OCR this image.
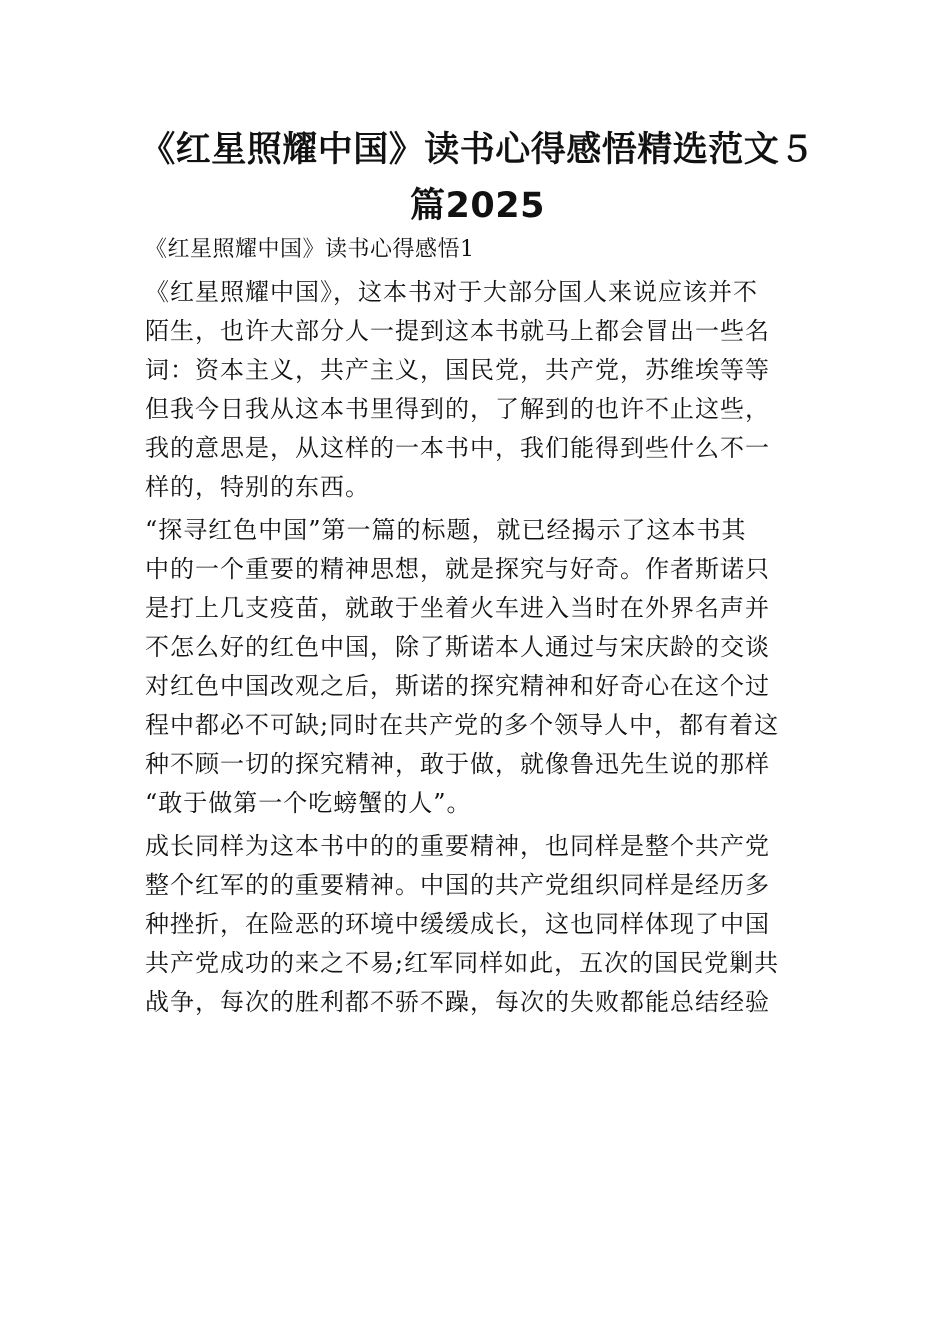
《红星照耀中国》读书心得感悟精选范文５
篇2025

《红星照耀中国》读书心得感悟1

《红星照耀中国》，这本书对于大部分国人来说应该并不
陌生，也许大部分人一提到这本书就马上都会冒出一些名
词：资本主义，共产主义，国民党，共产党，苏维埃等等
但我今日我从这本书里得到的，了解到的也许不止这些，
我的意思是，从这样的一本书中，我们能得到些什么不一
样的，特别的东西。

“探寻红色中国”第一篇的标题，就已经揭示了这本书其
中的一个重要的精神思想，就是探究与好奇。作者斯诺只
是打上几支疫苗，就敢于坐着火车进入当时在外界名声并
不怎么好的红色中国，除了斯诺本人通过与宋庆龄的交谈
对红色中国改观之后，斯诺的探究精神和好奇心在这个过
程中都必不可缺;同时在共产党的多个领导人中，都有着这
种不顾一切的探究精神，敢于做，就像鲁迅先生说的那样
“敢于做第一个吃螃蟹的人”。

成长同样为这本书中的的重要精神，也同样是整个共产党
整个红军的的重要精神。中国的共产党组织同样是经历多
种挫折，在险恶的环境中缓缓成长，这也同样体现了中国
共产党成功的来之不易;红军同样如此，五次的国民党剿共
战争，每次的胜利都不骄不躁，每次的失败都能总结经验
